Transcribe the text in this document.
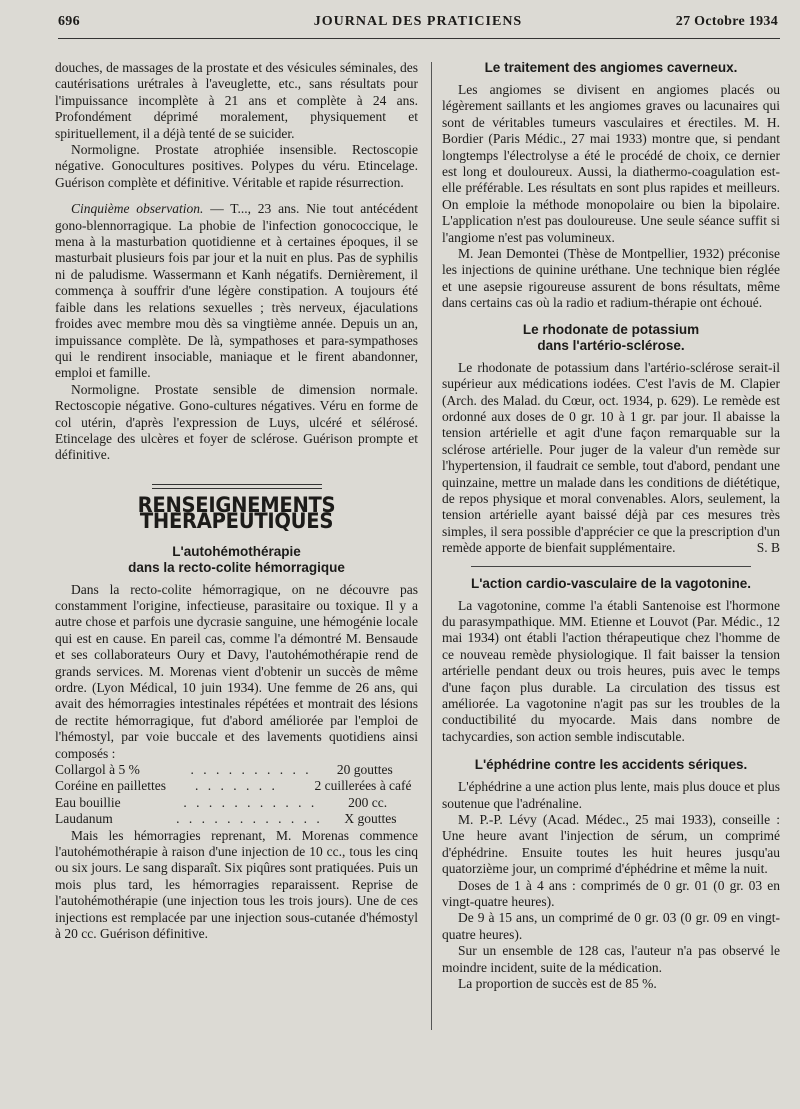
696	JOURNAL DES PRATICIENS	27 Octobre 1934

douches, de massages de la prostate et des vésicules séminales, des cautérisations urétrales à l'aveuglette, etc., sans résultats pour l'impuissance incomplète à 21 ans et complète à 24 ans. Profondément déprimé moralement, physiquement et spirituellement, il a déjà tenté de se suicider.

Normoligne. Prostate atrophiée insensible. Rectoscopie négative. Gonocultures positives. Polypes du véru. Etincelage. Guérison complète et définitive. Véritable et rapide résurrection.

Cinquième observation. — T..., 23 ans. Nie tout antécédent gono-blennorragique. La phobie de l'infection gonococcique, le mena à la masturbation quotidienne et à certaines époques, il se masturbait plusieurs fois par jour et la nuit en plus. Pas de syphilis ni de paludisme. Wassermann et Kanh négatifs. Dernièrement, il commença à souffrir d'une légère constipation. A toujours été faible dans les relations sexuelles ; très nerveux, éjaculations froides avec membre mou dès sa vingtième année. Depuis un an, impuissance complète. De là, sympathoses et para-sympathoses qui le rendirent insociable, maniaque et le firent abandonner, emploi et famille.

Normoligne. Prostate sensible de dimension normale. Rectoscopie négative. Gono-cultures négatives. Véru en forme de col utérin, d'après l'expression de Luys, ulcéré et sélérosé. Etincelage des ulcères et foyer de sclérose. Guérison prompte et définitive.

RENSEIGNEMENTS THÉRAPEUTIQUES
L'autohémothérapie
dans la recto-colite hémorragique

Dans la recto-colite hémorragique, on ne découvre pas constamment l'origine, infectieuse, parasitaire ou toxique. Il y a autre chose et parfois une dycrasie sanguine, une hémogénie locale qui est en cause. En pareil cas, comme l'a démontré M. Bensaude et ses collaborateurs Oury et Davy, l'autohémothérapie rend de grands services. M. Morenas vient d'obtenir un succès de même ordre. (Lyon Médical, 10 juin 1934). Une femme de 26 ans, qui avait des hémorragies intestinales répétées et montrait des lésions de rectite hémorragique, fut d'abord améliorée par l'emploi de l'hémostyl, par voie buccale et des lavements quotidiens ainsi composés :

Collargol à 5 %	. . . . . . . . . .	20 gouttes
Coréine en paillettes	. . . . . . .	2 cuillerées à café
Eau bouillie	. . . . . . . . . . .	200 cc.
Laudanum	. . . . . . . . . . . .	X gouttes

Mais les hémorragies reprenant, M. Morenas commence l'autohémothérapie à raison d'une injection de 10 cc., tous les cinq ou six jours. Le sang disparaît. Six piqûres sont pratiquées. Puis un mois plus tard, les hémorragies reparaissent. Reprise de l'autohémothérapie (une injection tous les trois jours). Une de ces injections est remplacée par une injection sous-cutanée d'hémostyl à 20 cc. Guérison définitive.

Le traitement des angiomes caverneux.

Les angiomes se divisent en angiomes placés ou légèrement saillants et les angiomes graves ou lacunaires qui sont de véritables tumeurs vasculaires et érectiles. M. H. Bordier (Paris Médic., 27 mai 1933) montre que, si pendant longtemps l'électrolyse a été le procédé de choix, ce dernier est long et douloureux. Aussi, la diathermo-coagulation est-elle préférable. Les résultats en sont plus rapides et meilleurs. On emploie la méthode monopolaire ou bien la bipolaire. L'application n'est pas douloureuse. Une seule séance suffit si l'angiome n'est pas volumineux.

M. Jean Demontei (Thèse de Montpellier, 1932) préconise les injections de quinine uréthane. Une technique bien réglée et une asepsie rigoureuse assurent de bons résultats, même dans certains cas où la radio et radium-thérapie ont échoué.

Le rhodonate de potassium
dans l'artério-sclérose.

Le rhodonate de potassium dans l'artério-sclérose serait-il supérieur aux médications iodées. C'est l'avis de M. Clapier (Arch. des Malad. du Cœur, oct. 1934, p. 629). Le remède est ordonné aux doses de 0 gr. 10 à 1 gr. par jour. Il abaisse la tension artérielle et agit d'une façon remarquable sur la sclérose artérielle. Pour juger de la valeur d'un remède sur l'hypertension, il faudrait ce semble, tout d'abord, pendant une quinzaine, mettre un malade dans les conditions de diététique, de repos physique et moral convenables. Alors, seulement, la tension artérielle ayant baissé déjà par ces mesures très simples, il sera possible d'apprécier ce que la prescription d'un remède apporte de bienfait supplémentaire.	S. B

L'action cardio-vasculaire de la vagotonine.

La vagotonine, comme l'a établi Santenoise est l'hormone du parasympathique. MM. Etienne et Louvot (Par. Médic., 12 mai 1934) ont établi l'action thérapeutique chez l'homme de ce nouveau remède physiologique. Il fait baisser la tension artérielle pendant deux ou trois heures, puis avec le temps d'une façon plus durable. La circulation des tissus est améliorée. La vagotonine n'agit pas sur les troubles de la conductibilité du myocarde. Mais dans nombre de tachycardies, son action semble indiscutable.

L'éphédrine contre les accidents sériques.

L'éphédrine a une action plus lente, mais plus douce et plus soutenue que l'adrénaline.

M. P.-P. Lévy (Acad. Médec., 25 mai 1933), conseille : Une heure avant l'injection de sérum, un comprimé d'éphédrine. Ensuite toutes les huit heures jusqu'au quatorzième jour, un comprimé d'éphédrine et même la nuit.

Doses de 1 à 4 ans : comprimés de 0 gr. 01 (0 gr. 03 en vingt-quatre heures).

De 9 à 15 ans, un comprimé de 0 gr. 03 (0 gr. 09 en vingt-quatre heures).

Sur un ensemble de 128 cas, l'auteur n'a pas observé le moindre incident, suite de la médication.

La proportion de succès est de 85 %.
